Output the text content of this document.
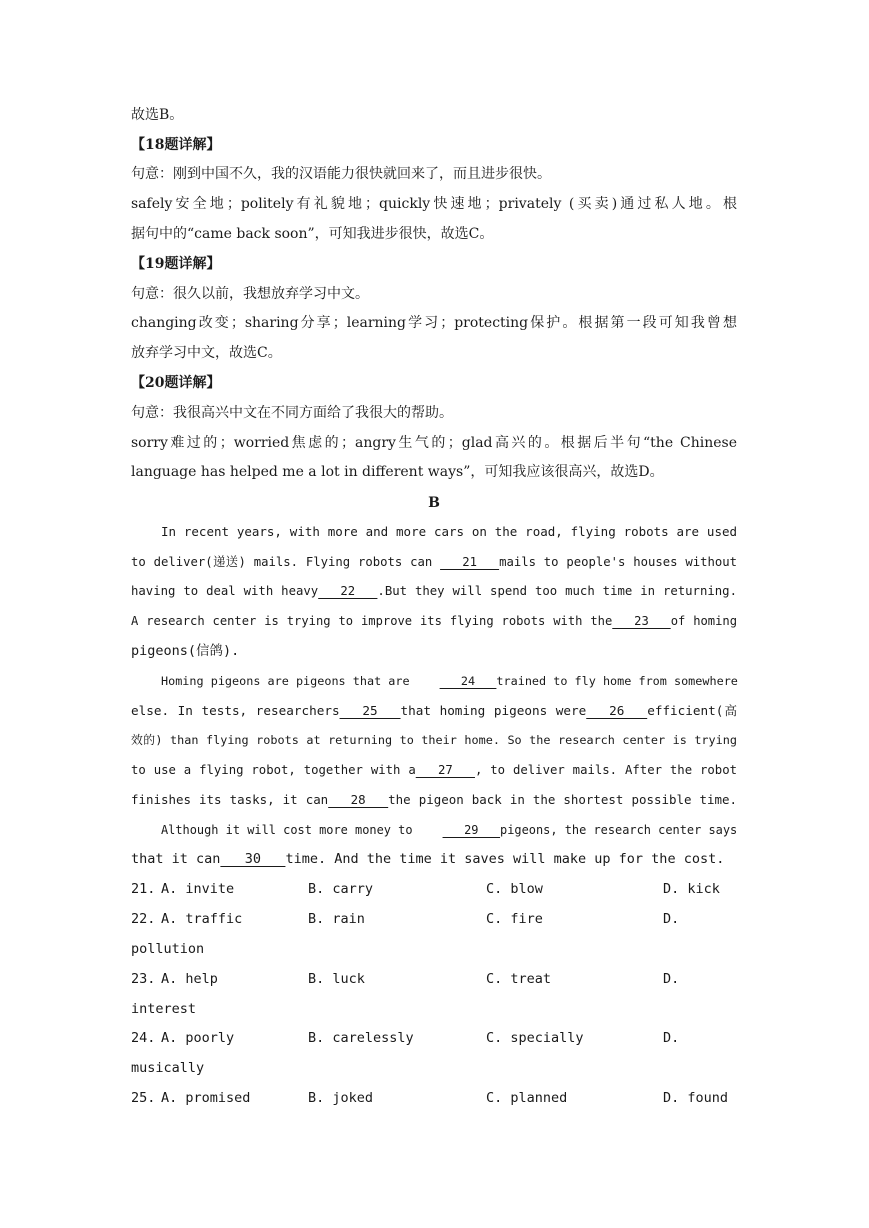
故选B。
【18题详解】
句意：刚到中国不久，我的汉语能力很快就回来了，而且进步很快。
safely安全地；politely有礼貌地；quickly快速地；privately (买卖)通过私人地。根
据句中的“came back soon”，可知我进步很快，故选C。
【19题详解】
句意：很久以前，我想放弃学习中文。
changing改变；sharing分享；learning学习；protecting保护。根据第一段可知我曾想
放弃学习中文，故选C。
【20题详解】
句意：我很高兴中文在不同方面给了我很大的帮助。
sorry难过的；worried焦虑的；angry生气的；glad高兴的。根据后半句“the Chinese
language has helped me a lot in different ways”，可知我应该很高兴，故选D。
B
In recent years, with more and more cars on the road, flying robots are used
to deliver(递送) mails. Flying robots can    21   mails to people's houses without
having to deal with heavy   22   .But they will spend too much time in returning.
A research center is trying to improve its flying robots with the   23   of homing
pigeons(信鸽).
Homing pigeons are pigeons that are	24   trained to fly home from somewhere
else. In tests, researchers   25   that homing pigeons were   26   efficient(高
效的) than flying robots at returning to their home. So the research center is trying
to use a flying robot, together with a   27   , to deliver mails. After the robot
finishes its tasks, it can   28   the pigeon back in the shortest possible time.
Although it will cost more money to	29   pigeons, the research center says
that it can   30   time. And the time it saves will make up for the cost.
21. A. invite	B. carry	C. blow	D. kick
22. A. traffic	B. rain	C. fire	D.
pollution
23. A. help	B. luck	C. treat	D.
interest
24. A. poorly	B. carelessly	C. specially	D.
musically
25. A. promised	B. joked	C. planned	D. found
